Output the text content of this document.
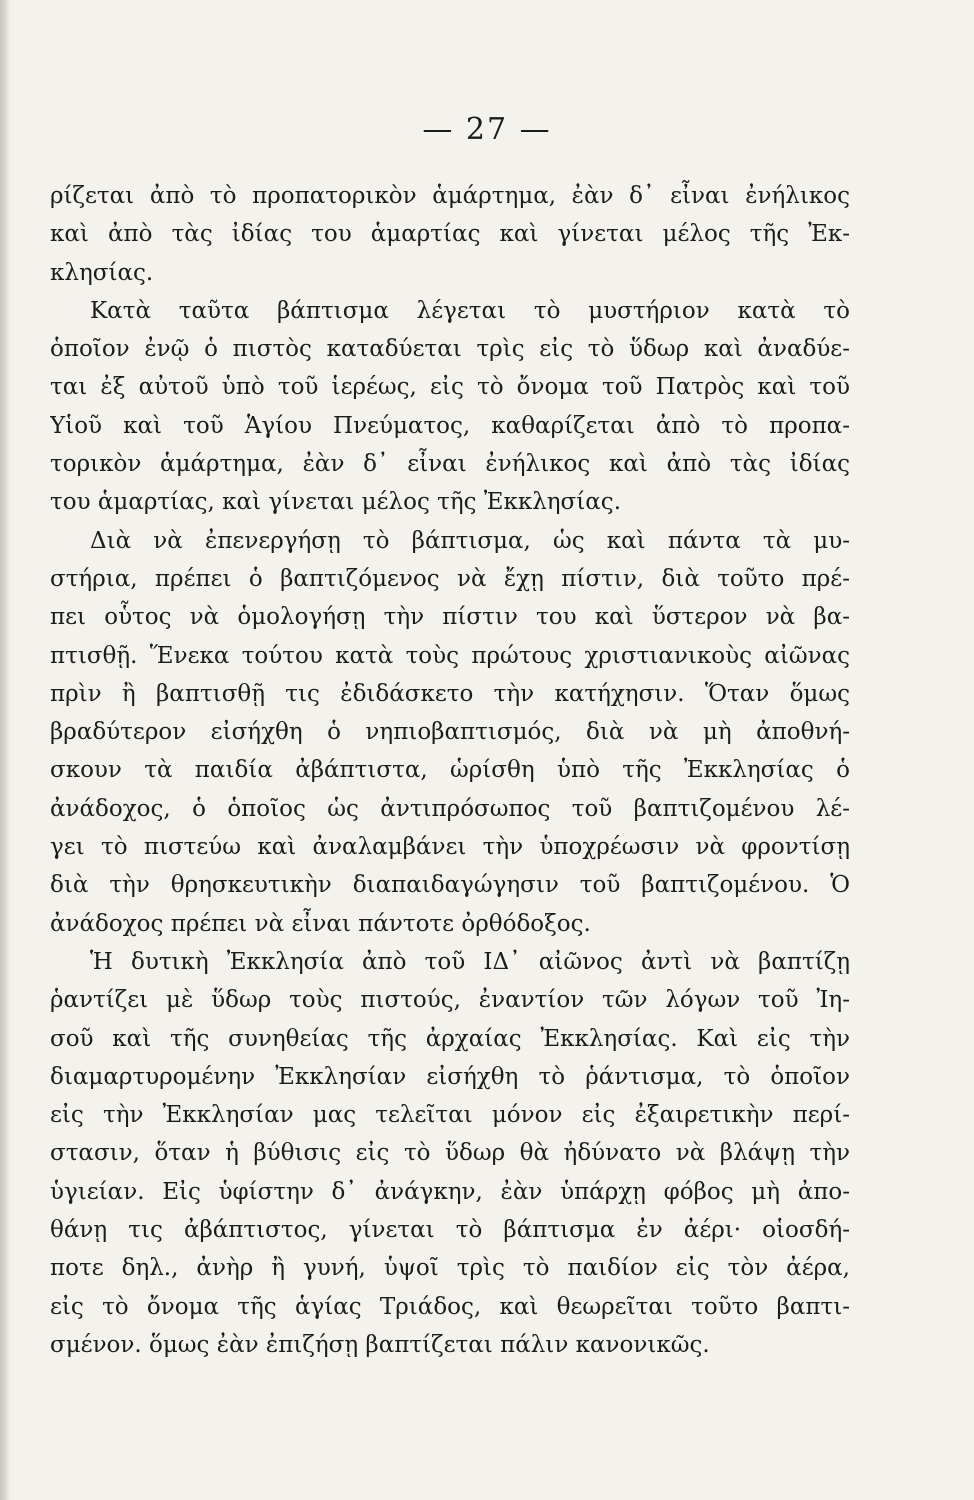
— 27 —
ρίζεται ἀπὸ τὸ προπατορικὸν ἁμάρτημα, ἐὰν δ᾽ εἶναι ἐνήλικος
καὶ ἀπὸ τὰς ἰδίας του ἁμαρτίας καὶ γίνεται μέλος τῆς Ἐκ-
κλησίας.
Κατὰ ταῦτα βάπτισμα λέγεται τὸ μυστήριον κατὰ τὸ
ὁποῖον ἐνῷ ὁ πιστὸς καταδύεται τρὶς εἰς τὸ ὕδωρ καὶ ἀναδύε-
ται ἐξ αὐτοῦ ὑπὸ τοῦ ἱερέως, εἰς τὸ ὄνομα τοῦ Πατρὸς καὶ τοῦ
Υἱοῦ καὶ τοῦ Ἁγίου Πνεύματος, καθαρίζεται ἀπὸ τὸ προπα-
τορικὸν ἁμάρτημα, ἐὰν δ᾽ εἶναι ἐνήλικος καὶ ἀπὸ τὰς ἰδίας
του ἁμαρτίας, καὶ γίνεται μέλος τῆς Ἐκκλησίας.
Διὰ νὰ ἐπενεργήσῃ τὸ βάπτισμα, ὡς καὶ πάντα τὰ μυ-
στήρια, πρέπει ὁ βαπτιζόμενος νὰ ἔχῃ πίστιν, διὰ τοῦτο πρέ-
πει οὗτος νὰ ὁμολογήσῃ τὴν πίστιν του καὶ ὕστερον νὰ βα-
πτισθῇ. Ἕνεκα τούτου κατὰ τοὺς πρώτους χριστιανικοὺς αἰῶνας
πρὶν ἢ βαπτισθῇ τις ἐδιδάσκετο τὴν κατήχησιν. Ὅταν ὅμως
βραδύτερον εἰσήχθη ὁ νηπιοβαπτισμός, διὰ νὰ μὴ ἀποθνή-
σκουν τὰ παιδία ἀβάπτιστα, ὡρίσθη ὑπὸ τῆς Ἐκκλησίας ὁ
ἀνάδοχος, ὁ ὁποῖος ὡς ἀντιπρόσωπος τοῦ βαπτιζομένου λέ-
γει τὸ πιστεύω καὶ ἀναλαμβάνει τὴν ὑποχρέωσιν νὰ φροντίσῃ
διὰ τὴν θρησκευτικὴν διαπαιδαγώγησιν τοῦ βαπτιζομένου. Ὁ
ἀνάδοχος πρέπει νὰ εἶναι πάντοτε ὀρθόδοξος.
Ἡ δυτικὴ Ἐκκλησία ἀπὸ τοῦ ΙΔ᾽ αἰῶνος ἀντὶ νὰ βαπτίζῃ
ῥαντίζει μὲ ὕδωρ τοὺς πιστούς, ἐναντίον τῶν λόγων τοῦ Ἰη-
σοῦ καὶ τῆς συνηθείας τῆς ἀρχαίας Ἐκκλησίας. Καὶ εἰς τὴν
διαμαρτυρομένην Ἐκκλησίαν εἰσήχθη τὸ ῥάντισμα, τὸ ὁποῖον
εἰς τὴν Ἐκκλησίαν μας τελεῖται μόνον εἰς ἐξαιρετικὴν περί-
στασιν, ὅταν ἡ βύθισις εἰς τὸ ὕδωρ θὰ ἠδύνατο νὰ βλάψῃ τὴν
ὑγιείαν. Εἰς ὑφίστην δ᾽ ἀνάγκην, ἐὰν ὑπάρχῃ φόβος μὴ ἀπο-
θάνῃ τις ἀβάπτιστος, γίνεται τὸ βάπτισμα ἐν ἀέρι· οἱοσδή-
ποτε δηλ., ἀνὴρ ἢ γυνή, ὑψοῖ τρὶς τὸ παιδίον εἰς τὸν ἀέρα,
εἰς τὸ ὄνομα τῆς ἁγίας Τριάδος, καὶ θεωρεῖται τοῦτο βαπτι-
σμένον. ὅμως ἐὰν ἐπιζήσῃ βαπτίζεται πάλιν κανονικῶς.
